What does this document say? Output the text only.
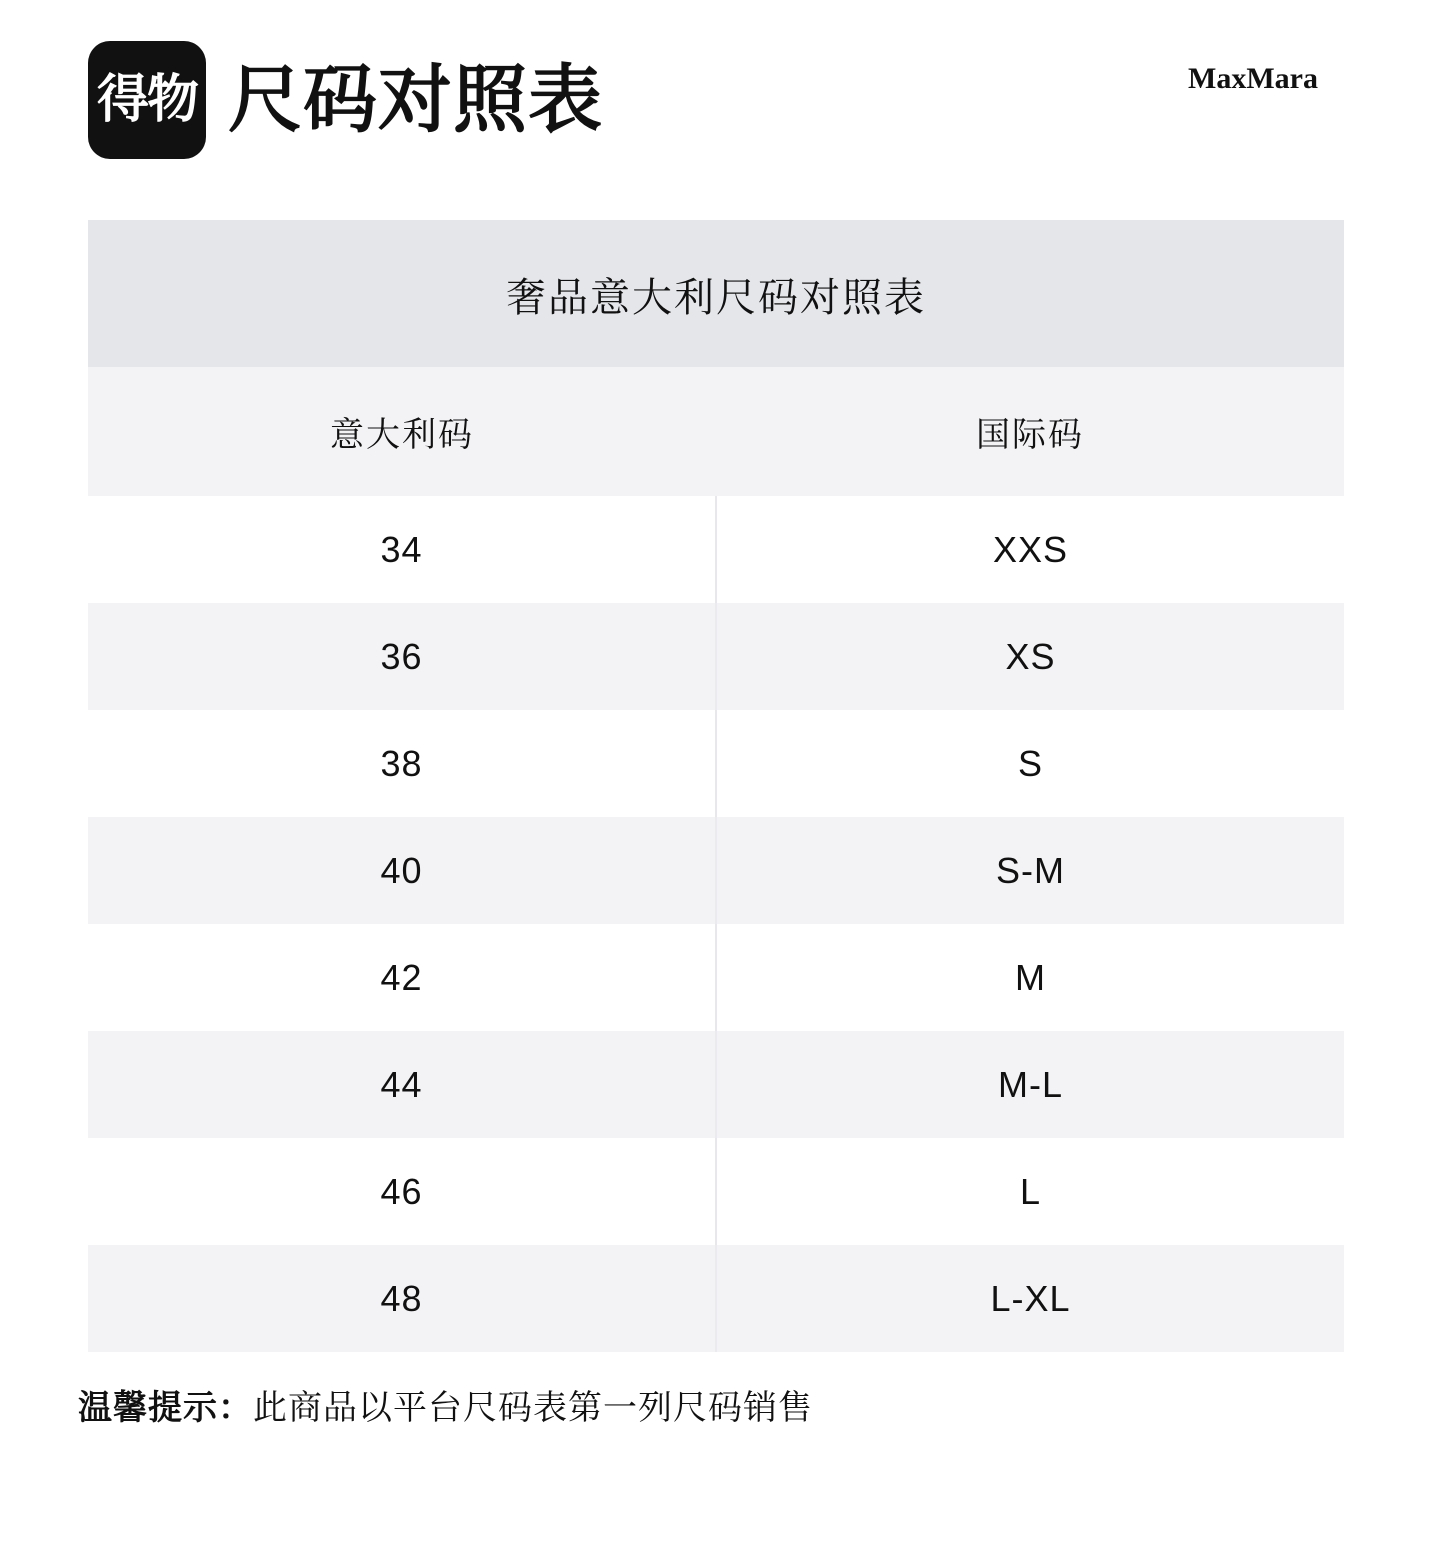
得物 尺码对照表	MaxMara
奢品意大利尺码对照表
意大利码	国际码
34	XXS
36	XS
38	S
40	S-M
42	M
44	M-L
46	L
48	L-XL
温馨提示：此商品以平台尺码表第一列尺码销售
